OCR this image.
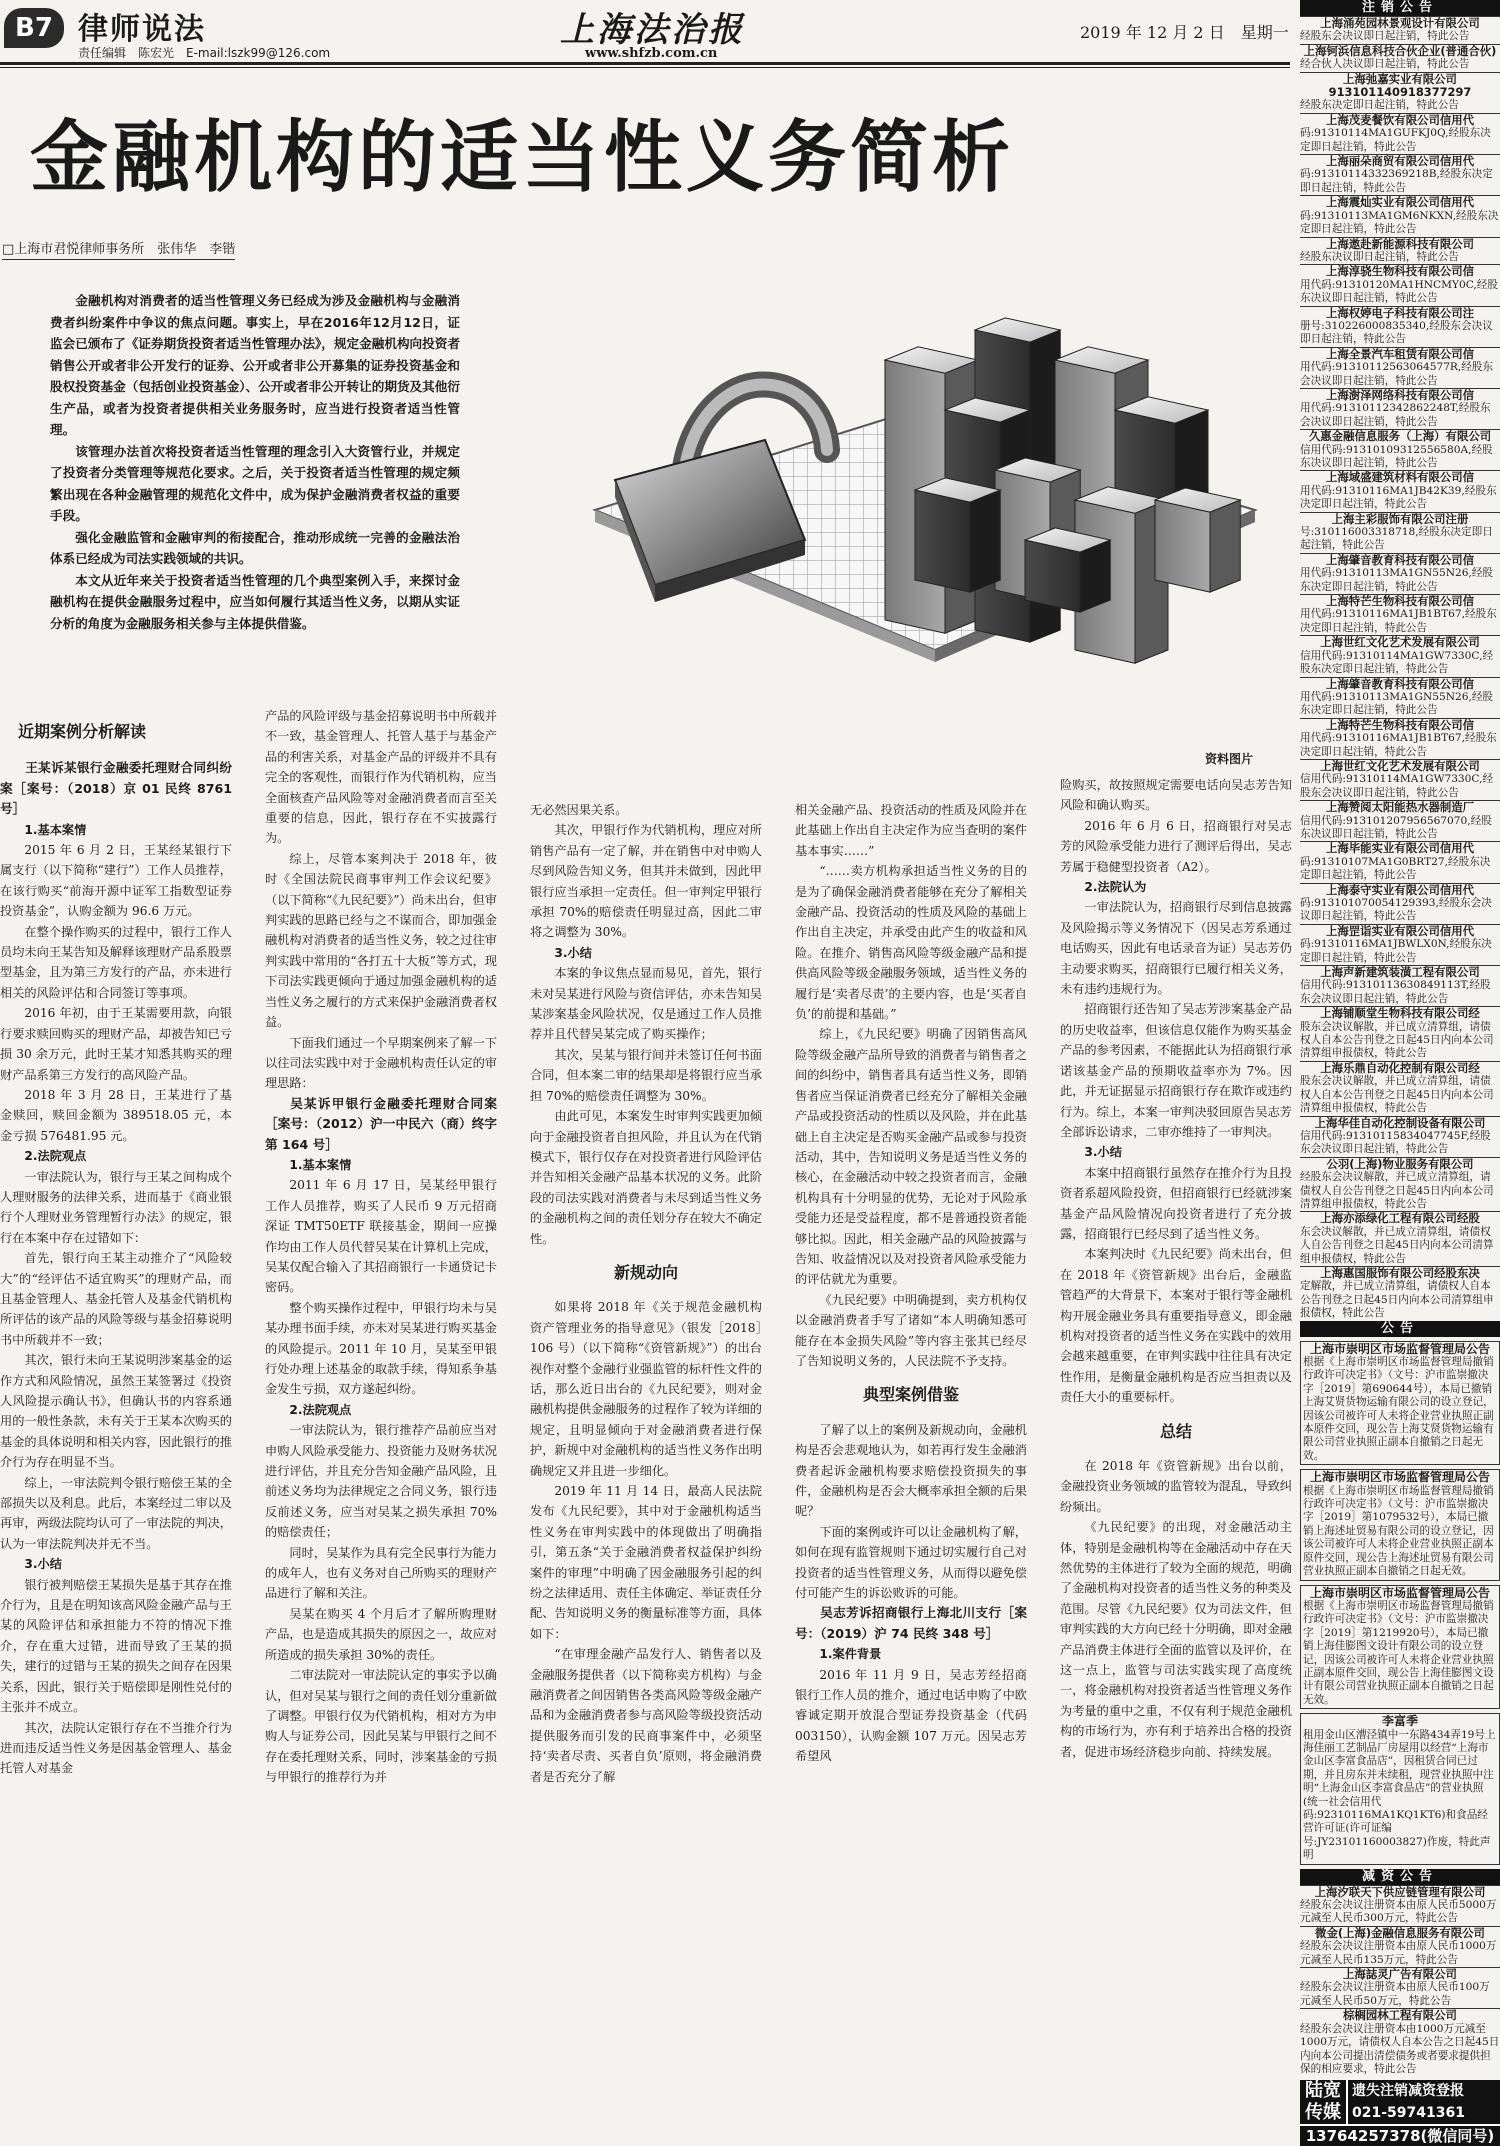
B7 律师说法
责任编辑　陈宏光　E-mail:lszk99@126.com
上海法治报
www.shfzb.com.cn
2019 年 12 月 2 日　星期一
金融机构的适当性义务简析
□上海市君悦律师事务所　张伟华　李锴

金融机构对消费者的适当性管理义务已经成为涉及金融机构与金融消费者纠纷案件中争议的焦点问题。事实上，早在2016年12月12日，证监会已颁布了《证券期货投资者适当性管理办法》，规定金融机构向投资者销售公开或者非公开发行的证券、公开或者非公开募集的证券投资基金和股权投资基金（包括创业投资基金）、公开或者非公开转让的期货及其他衍生产品，或者为投资者提供相关业务服务时，应当进行投资者适当性管理。

该管理办法首次将投资者适当性管理的理念引入大资管行业，并规定了投资者分类管理等规范化要求。之后，关于投资者适当性管理的规定频繁出现在各种金融管理的规范化文件中，成为保护金融消费者权益的重要手段。

强化金融监管和金融审判的衔接配合，推动形成统一完善的金融法治体系已经成为司法实践领域的共识。

本文从近年来关于投资者适当性管理的几个典型案例入手，来探讨金融机构在提供金融服务过程中，应当如何履行其适当性义务，以期从实证分析的角度为金融服务相关参与主体提供借鉴。

资料图片

近期案例分析解读

王某诉某银行金融委托理财合同纠纷案［案号：（2018）京 01 民终 8761 号］

1.基本案情

2015 年 6 月 2 日，王某经某银行下属支行（以下简称“建行”）工作人员推荐，在该行购买“前海开源中证军工指数型证券投资基金”，认购金额为 96.6 万元。

在整个操作购买的过程中，银行工作人员均未向王某告知及解释该理财产品系股票型基金，且为第三方发行的产品，亦未进行相关的风险评估和合同签订等事项。

2016 年初，由于王某需要用款，向银行要求赎回购买的理财产品，却被告知已亏损 30 余万元，此时王某才知悉其购买的理财产品系第三方发行的高风险产品。

2018 年 3 月 28 日，王某进行了基金赎回，赎回金额为 389518.05 元，本金亏损 576481.95 元。

2.法院观点

一审法院认为，银行与王某之间构成个人理财服务的法律关系，进而基于《商业银行个人理财业务管理暂行办法》的规定，银行在本案中存在过错如下：

首先，银行向王某主动推介了“风险较大”的“经评估不适宜购买”的理财产品，而且基金管理人、基金托管人及基金代销机构所评估的该产品的风险等级与基金招募说明书中所载并不一致；

其次，银行未向王某说明涉案基金的运作方式和风险情况，虽然王某签署过《投资人风险提示确认书》，但确认书的内容系通用的一般性条款，未有关于王某本次购买的基金的具体说明和相关内容，因此银行的推介行为存在明显不当。

综上，一审法院判令银行赔偿王某的全部损失以及利息。此后，本案经过二审以及再审，两级法院均认可了一审法院的判决，认为一审法院判决并无不当。

3.小结

银行被判赔偿王某损失是基于其存在推介行为，且是在明知该高风险金融产品与王某的风险评估和承担能力不符的情况下推介，存在重大过错，进而导致了王某的损失，建行的过错与王某的损失之间存在因果关系，因此，银行关于赔偿即是刚性兑付的主张并不成立。

其次，法院认定银行存在不当推介行为进而违反适当性义务是因基金管理人、基金托管人对基金

产品的风险评级与基金招募说明书中所载并不一致，基金管理人、托管人基于与基金产品的利害关系，对基金产品的评级并不具有完全的客观性，而银行作为代销机构，应当全面核查产品风险等对金融消费者而言至关重要的信息，因此，银行存在不实披露行为。

综上，尽管本案判决于 2018 年，彼时《全国法院民商事审判工作会议纪要》（以下简称“《九民纪要》”）尚未出台，但审判实践的思路已经与之不谋而合，即加强金融机构对消费者的适当性义务，较之过往审判实践中常用的“各打五十大板”等方式，现下司法实践更倾向于通过加强金融机构的适当性义务之履行的方式来保护金融消费者权益。

下面我们通过一个早期案例来了解一下以往司法实践中对于金融机构责任认定的审理思路：

吴某诉甲银行金融委托理财合同案［案号：（2012）沪一中民六（商）终字第 164 号］

1.基本案情

2011 年 6 月 17 日，吴某经甲银行工作人员推荐，购买了人民币 9 万元招商深证 TMT50ETF 联接基金，期间一应操作均由工作人员代替吴某在计算机上完成，吴某仅配合输入了其招商银行一卡通贷记卡密码。

整个购买操作过程中，甲银行均未与吴某办理书面手续，亦未对吴某进行购买基金的风险提示。2011 年 10 月，吴某至甲银行处办理上述基金的取款手续，得知系争基金发生亏损，双方遂起纠纷。

2.法院观点

一审法院认为，银行推荐产品前应当对申购人风险承受能力、投资能力及财务状况进行评估，并且充分告知金融产品风险，且前述义务均为法律规定之合同义务，银行违反前述义务，应当对吴某之损失承担 70%的赔偿责任；

同时，吴某作为具有完全民事行为能力的成年人，也有义务对自己所购买的理财产品进行了解和关注。

吴某在购买 4 个月后才了解所购理财产品，也是造成其损失的原因之一，故应对所造成的损失承担 30%的责任。

二审法院对一审法院认定的事实予以确认，但对吴某与银行之间的责任划分重新做了调整。甲银行仅为代销机构，相对方为申购人与证券公司，因此吴某与甲银行之间不存在委托理财关系，同时，涉案基金的亏损与甲银行的推荐行为并

无必然因果关系。

其次，甲银行作为代销机构，理应对所销售产品有一定了解，并在销售中对申购人尽到风险告知义务，但其并未做到，因此甲银行应当承担一定责任。但一审判定甲银行承担 70%的赔偿责任明显过高，因此二审将之调整为 30%。

3.小结

本案的争议焦点显而易见，首先，银行未对吴某进行风险与资信评估，亦未告知吴某涉案基金风险状况，仅是通过工作人员推荐并且代替吴某完成了购买操作；

其次，吴某与银行间并未签订任何书面合同，但本案二审的结果却是将银行应当承担 70%的赔偿责任调整为 30%。

由此可见，本案发生时审判实践更加倾向于金融投资者自担风险，并且认为在代销模式下，银行仅存在对投资者进行风险评估并告知相关金融产品基本状况的义务。此阶段的司法实践对消费者与未尽到适当性义务的金融机构之间的责任划分存在较大不确定性。

新规动向

如果将 2018 年《关于规范金融机构资产管理业务的指导意见》（银发［2018］106 号）（以下简称“《资管新规》”）的出台视作对整个金融行业强监管的标杆性文件的话，那么近日出台的《九民纪要》，则对金融机构提供金融服务的过程作了较为详细的规定，且明显倾向于对金融消费者进行保护，新规中对金融机构的适当性义务作出明确规定又并且进一步细化。

2019 年 11 月 14 日，最高人民法院发布《九民纪要》，其中对于金融机构适当性义务在审判实践中的体现做出了明确指引，第五条“关于金融消费者权益保护纠纷案件的审理”中明确了因金融服务引起的纠纷之法律适用、责任主体确定、举证责任分配、告知说明义务的衡量标准等方面，具体如下：

“在审理金融产品发行人、销售者以及金融服务提供者（以下简称卖方机构）与金融消费者之间因销售各类高风险等级金融产品和为金融消费者参与高风险等级投资活动提供服务而引发的民商事案件中，必须坚持‘卖者尽责、买者自负’原则，将金融消费者是否充分了解

相关金融产品、投资活动的性质及风险并在此基础上作出自主决定作为应当查明的案件基本事实……”

“……卖方机构承担适当性义务的目的是为了确保金融消费者能够在充分了解相关金融产品、投资活动的性质及风险的基础上作出自主决定，并承受由此产生的收益和风险。在推介、销售高风险等级金融产品和提供高风险等级金融服务领域，适当性义务的履行是‘卖者尽责’的主要内容，也是‘买者自负’的前提和基础。”

综上，《九民纪要》明确了因销售高风险等级金融产品所导致的消费者与销售者之间的纠纷中，销售者具有适当性义务，即销售者应当保证消费者已经充分了解相关金融产品或投资活动的性质以及风险，并在此基础上自主决定是否购买金融产品或参与投资活动，其中，告知说明义务是适当性义务的核心，在金融活动中较之投资者而言，金融机构具有十分明显的优势，无论对于风险承受能力还是受益程度，都不是普通投资者能够比拟。因此，相关金融产品的风险披露与告知、收益情况以及对投资者风险承受能力的评估就尤为重要。

《九民纪要》中明确提到，卖方机构仅以金融消费者手写了诸如“本人明确知悉可能存在本金损失风险”等内容主张其已经尽了告知说明义务的，人民法院不予支持。

典型案例借鉴

了解了以上的案例及新规动向，金融机构是否会悲观地认为，如若再行发生金融消费者起诉金融机构要求赔偿投资损失的事件，金融机构是否会大概率承担全额的后果呢？

下面的案例或许可以让金融机构了解，如何在现有监管规则下通过切实履行自己对投资者的适当性管理义务，从而得以避免偿付可能产生的诉讼败诉的可能。

吴志芳诉招商银行上海北川支行［案号：（2019）沪 74 民终 348 号］

1.案件背景

2016 年 11 月 9 日，吴志芳经招商银行工作人员的推介，通过电话申购了中欧睿诚定期开放混合型证券投资基金（代码 003150），认购金额 107 万元。因吴志芳希望风

险购买，故按照规定需要电话向吴志芳告知风险和确认购买。

2016 年 6 月 6 日，招商银行对吴志芳的风险承受能力进行了测评后得出，吴志芳属于稳健型投资者（A2）。

2.法院认为

一审法院认为，招商银行尽到信息披露及风险揭示等义务情况下（因吴志芳系通过电话购买，因此有电话录音为证）吴志芳仍主动要求购买，招商银行已履行相关义务，未有违约违规行为。

招商银行还告知了吴志芳涉案基金产品的历史收益率，但该信息仅能作为购买基金产品的参考因素，不能据此认为招商银行承诺该基金产品的预期收益率亦为 7%。因此，并无证据显示招商银行存在欺诈或违约行为。综上，本案一审判决驳回原告吴志芳全部诉讼请求，二审亦维持了一审判决。

3.小结

本案中招商银行虽然存在推介行为且投资者系超风险投资，但招商银行已经就涉案基金产品风险情况向投资者进行了充分披露，招商银行已经尽到了适当性义务。

本案判决时《九民纪要》尚未出台，但在 2018 年《资管新规》出台后，金融监管趋严的大背景下，本案对于银行等金融机构开展金融业务具有重要指导意义，即金融机构对投资者的适当性义务在实践中的效用会越来越重要，在审判实践中往往具有决定性作用，是衡量金融机构是否应当担责以及责任大小的重要标杆。

总结

在 2018 年《资管新规》出台以前，金融投资业务领域的监管较为混乱，导致纠纷频出。

《九民纪要》的出现，对金融活动主体，特别是金融机构等在金融活动中存在天然优势的主体进行了较为全面的规范，明确了金融机构对投资者的适当性义务的种类及范围。尽管《九民纪要》仅为司法文件，但审判实践的大方向已经十分明确，即对金融产品消费主体进行全面的监管以及评价，在这一点上，监管与司法实践实现了高度统一，将金融机构对投资者适当性管理义务作为考量的重中之重，不仅有利于规范金融机构的市场行为，亦有利于培养出合格的投资者，促进市场经济稳步向前、持续发展。

注销公告
上海涌苑园林景观设计有限公司
经股东会决议即日起注销，特此公告
上海钶浜信息科技合伙企业(普通合伙)
经合伙人决议即日起注销，特此公告
上海弛嘉实业有限公司913101140918377297
经股东决定即日起注销，特此公告
上海茂麦餐饮有限公司信用代
码:91310114MA1GUFKJ0Q,经股东决定即日起注销，特此公告
上海丽朵商贸有限公司信用代
码:91310114332369218B,经股东决定即日起注销，特此公告
上海震灿实业有限公司信用代
码:91310113MA1GM6NKXN,经股东决定即日起注销，特此公告
上海遨赴新能源科技有限公司
经股东决议即日起注销，特此公告
上海淳骁生物科技有限公司信
用代码:91310120MA1HNCMY0C,经股东决议即日起注销，特此公告
上海权婷电子科技有限公司注
册号:310226000835340,经股东会决议即日起注销，特此公告
上海全景汽车租赁有限公司信
用代码:91310112563064577R,经股东会决议即日起注销，特此公告
上海澍泽网络科技有限公司信
用代码:91310112342862248T,经股东会决议即日起注销，特此公告
久惠金融信息服务（上海）有限公司
信用代码:91310109312556580A,经股东决议即日起注销，特此公告
上海域盛建筑材料有限公司信
用代码:91310116MA1JB42K39,经股东决定即日起注销，特此公告
上海主彩服饰有限公司注册
号:310116003318718,经股东决定即日起注销，特此公告
上海肇音教育科技有限公司信
用代码:91310113MA1GN55N26,经股东决定即日起注销，特此公告
上海特芒生物科技有限公司信
用代码:91310116MA1JB1BT67,经股东决定即日起注销，特此公告
上海世红文化艺术发展有限公司
信用代码:91310114MA1GW7330C,经股东决定即日起注销，特此公告
上海肇音教育科技有限公司信
用代码:91310113MA1GN55N26,经股东决定即日起注销，特此公告
上海特芒生物科技有限公司信
用代码:91310116MA1JB1BT67,经股东决定即日起注销，特此公告
上海世红文化艺术发展有限公司
信用代码:91310114MA1GW7330C,经股东会决议即日起注销，特此公告
上海赞阅太阳能热水器制造厂
信用代码:913101207956567070,经股东决议即日起注销，特此公告
上海毕能实业有限公司信用代
码:91310107MA1G0BRT27,经股东决定即日起注销，特此公告
上海泰守实业有限公司信用代
码:913101070054129393,经股东会决议即日起注销，特此公告
上海罡诣实业有限公司信用代
码:91310116MA1JBWLX0N,经股东决定即日起注销，特此公告
上海声新建筑装潢工程有限公司
信用代码:91310113630849113T,经股东会决议即日起注销，特此公告
上海铺顺堂生物科技有限公司经
股东会决议解散，并已成立清算组，请债权人自本公告刊登之日起45日内向本公司清算组申报债权，特此公告
上海乐鼎自动化控制有限公司经
股东会决议解散，并已成立清算组，请债权人自本公告刊登之日起45日内向本公司清算组申报债权，特此公告
上海华佳自动化控制设备有限公司
信用代码:91310115834047745F,经股东会决议即日起注销，特此公告
公羽(上海)物业服务有限公司
经股东会决议解散，并已成立清算组，请债权人自公告刊登之日起45日内向本公司清算组申报债权，特此公告
上海亦添绿化工程有限公司经股
东会决议解散，并已成立清算组，请债权人自公告刊登之日起45日内向本公司清算组申报债权，特此公告
上海惠国服饰有限公司经股东决
定解散，并已成立清算组，请债权人自本公告刊登之日起45日内向本公司清算组申报债权，特此公告
公告
上海市崇明区市场监督管理局公告
根据《上海市崇明区市场监督管理局撤销行政许可决定书》（文号：沪市监崇撤决字［2019］第690644号），本局已撤销上海艾贤货物运输有限公司的设立登记，因该公司被许可人未将企业营业执照正副本原件交回，现公告上海艾贤货物运输有限公司营业执照正副本自撤销之日起无效。
上海市崇明区市场监督管理局公告
根据《上海市崇明区市场监督管理局撤销行政许可决定书》（文号：沪市监崇撤决字［2019］第1079532号），本局已撤销上海述址贸易有限公司的设立登记，因该公司被许可人未将企业营业执照正副本原件交回，现公告上海述址贸易有限公司营业执照正副本自撤销之日起无效。
上海市崇明区市场监督管理局公告
根据《上海市崇明区市场监督管理局撤销行政许可决定书》（文号：沪市监崇撤决字［2019］第1219920号），本局已撤销上海佳膨图文设计有限公司的设立登记，因该公司被许可人未将企业营业执照正副本原件交回，现公告上海佳膨图文设计有限公司营业执照正副本自撤销之日起无效。
李富季
租用金山区漕泾镇中一东路434弄19号上海佳丽工艺制品厂房屋用以经营“上海市金山区李富食品店”，因租赁合同已过期，并且房东并未续租，现营业执照中注明“上海金山区李富食品店”的营业执照(统一社会信用代码:92310116MA1KQ1KT6)和食品经营许可证(许可证编号:JY23101160003827)作废，特此声明
减资公告
上海汐联天下供应链管理有限公司
经股东会决议注册资本由原人民币5000万元减至人民币300万元，特此公告
微金(上海)金融信息服务有限公司
经股东会决议注册资本由原人民币1000万元减至人民币135万元，特此公告
上海誌灵广告有限公司
经股东会决议注册资本由原人民币100万元减至人民币50万元，特此公告
棕榈园林工程有限公司
经股东会决议注册资本由1000万元减至1000万元，请债权人自本公告之日起45日内向本公司提出清偿债务或者要求提供担保的相应要求，特此公告
陆宽 遗失注销减资登报
传媒 021-59741361
13764257378(微信同号)
